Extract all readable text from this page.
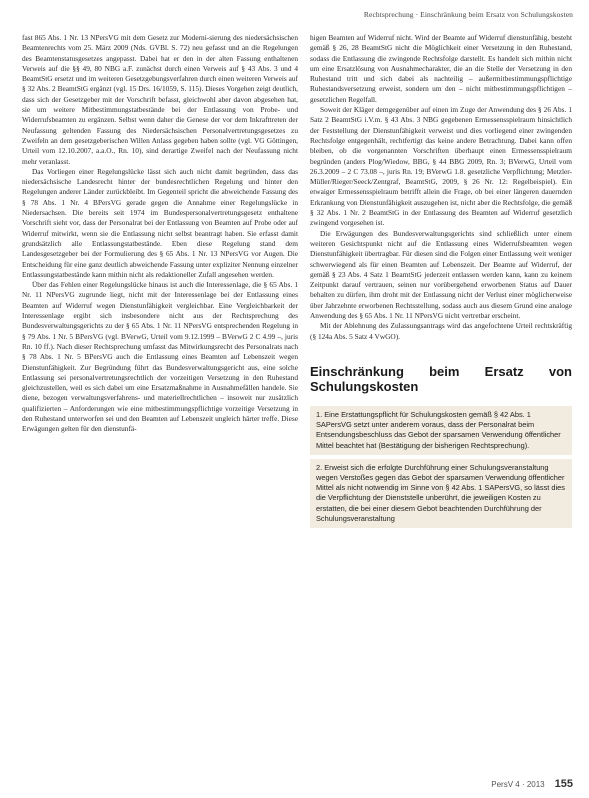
Rechtsprechung · Einschränkung beim Ersatz von Schulungskosten

fast 865 Abs. 1 Nr. 13 NPersVG mit dem Gesetz zur Moderni-sierung des niedersächsischen Beamtenrechts vom 25. März 2009 (Nds. GVBl. S. 72) neu gefasst und an die Regelungen des Beamtenstatusgesetzes angepasst. Dabei hat er den in der alten Fassung enthaltenen Verweis auf die §§ 49, 80 NBG a.F. zunächst durch einen Verweis auf § 43 Abs. 3 und 4 BeamtStG ersetzt und im weiteren Gesetzgebungsverfahren durch einen weiteren Verweis auf § 32 Abs. 2 BeamtStG ergänzt (vgl. 15 Drs. 16/1059, S. 115). Dieses Vorgehen zeigt deutlich, dass sich der Gesetzgeber mit der Vorschrift befasst, gleichwohl aber davon abgesehen hat, sie um weitere Mitbestimmungstatbestände bei der Entlassung von Probe- und Widerrufsbeamten zu ergänzen. Selbst wenn daher die Genese der vor dem Inkrafttreten der Neufassung geltenden Fassung des Niedersächsischen Personalvertretungsgesetzes zu Zweifeln an dem gesetzgeberischen Willen Anlass gegeben haben sollte (vgl. VG Göttingen, Urteil vom 12.10.2007, a.a.O., Rn. 10), sind derartige Zweifel nach der Neufassung nicht mehr veranlasst.

Das Vorliegen einer Regelungslücke lässt sich auch nicht damit begründen, dass das niedersächsische Landesrecht hinter der bundesrechtlichen Regelung und hinter den Regelungen anderer Länder zurückbleibt. Im Gegenteil spricht die abweichende Fassung des § 78 Abs. 1 Nr. 4 BPersVG gerade gegen die Annahme einer Regelungslücke in Niedersachsen. Die bereits seit 1974 im Bundespersonalvertretungsgesetz enthaltene Vorschrift sieht vor, dass der Personalrat bei der Entlassung von Beamten auf Probe oder auf Widerruf mitwirkt, wenn sie die Entlassung nicht selbst beantragt haben. Sie erfasst damit grundsätzlich alle Entlassungstatbestände. Eben diese Regelung stand dem Landesgesetzgeber bei der Formulierung des § 65 Abs. 1 Nr. 13 NPersVG vor Augen. Die Entscheidung für eine ganz deutlich abweichende Fassung unter expliziter Nennung einzelner Entlassungstatbestände kann mithin nicht als redaktioneller Zufall angesehen werden.

Über das Fehlen einer Regelungslücke hinaus ist auch die Interessenlage, die § 65 Abs. 1 Nr. 11 NPersVG zugrunde liegt, nicht mit der Interessenlage bei der Entlassung eines Beamten auf Widerruf wegen Dienstunfähigkeit vergleichbar. Eine Vergleichbarkeit der Interessenlage ergibt sich insbesondere nicht aus der Rechtsprechung des Bundesverwaltungsgerichts zu der § 65 Abs. 1 Nr. 11 NPersVG entsprechenden Regelung in § 79 Abs. 1 Nr. 5 BPersVG (vgl. BVerwG, Urteil vom 9.12.1999 – BVerwG 2 C 4.99 –, juris Rn. 10 ff.). Nach dieser Rechtsprechung umfasst das Mitwirkungsrecht des Personalrats nach § 78 Abs. 1 Nr. 5 BPersVG auch die Entlassung eines Beamten auf Lebenszeit wegen Dienstunfähigkeit. Zur Begründung führt das Bundesverwaltungsgericht aus, eine solche Entlassung sei personalvertretungsrechtlich der vorzeitigen Versetzung in den Ruhestand gleichzustellen, weil es sich dabei um eine Ersatzmaßnahme in Ausnahmefällen handele. Sie diene, bezogen verwaltungsverfahrens- und materiellrechtlichen – insoweit nur zusätzlich qualifizierten – Anforderungen wie eine mitbestimmungspflichtige vorzeitige Versetzung in den Ruhestand unterworfen sei und den Beamten auf Lebenszeit ungleich härter treffe. Diese Erwägungen gelten für den dienstunfä-

higen Beamten auf Widerruf nicht. Wird der Beamte auf Widerruf dienstunfähig, besteht gemäß § 26, 28 BeamtStG nicht die Möglichkeit einer Versetzung in den Ruhestand, sodass die Entlassung die zwingende Rechtsfolge darstellt. Es handelt sich mithin nicht um eine Ersatzlösung von Ausnahmecharakter, die an die Stelle der Versetzung in den Ruhestand tritt und sich dabei als nachteilig – außermitbestimmungspflichtige Ruhestandsversetzung erweist, sondern um den – nicht mitbestimmungspflichtigen – gesetzlichen Regelfall.

Soweit der Kläger demgegenüber auf einen im Zuge der Anwendung des § 26 Abs. 1 Satz 2 BeamtStG i.V.m. § 43 Abs. 3 NBG gegebenen Ermessensspielraum hinsichtlich der Feststellung der Dienstunfähigkeit verweist und dies vorliegend einer zwingenden Rechtsfolge entgegenhält, rechtfertigt das keine andere Betrachtung. Dabei kann offen bleiben, ob die vorgenannten Vorschriften überhaupt einen Ermessensspielraum begründen (anders Plog/Wiedow, BBG, § 44 BBG 2009, Rn. 3; BVerwG, Urteil vom 26.3.2009 – 2 C 73.08 –, juris Rn. 19; BVerwG 1.8. gesetzliche Verpflichtung; Metzler-Müller/Rieger/Seeck/Zentgraf, BeamtStG, 2009, § 26 Nr. 12: Regelbeispiel). Ein etwaiger Ermessensspielraum betrifft allein die Frage, ob bei einer längeren dauernden Erkrankung von Dienstunfähigkeit auszugehen ist, nicht aber die Rechtsfolge, die gemäß § 32 Abs. 1 Nr. 2 BeamtStG in der Entlassung des Beamten auf Widerruf gesetzlich zwingend vorgesehen ist.

Die Erwägungen des Bundesverwaltungsgerichts sind schließlich unter einem weiteren Gesichtspunkt nicht auf die Entlassung eines Widerrufsbeamten wegen Dienstunfähigkeit übertragbar. Für diesen sind die Folgen einer Entlassung weit weniger schwerwiegend als für einen Beamten auf Lebenszeit. Der Beamte auf Widerruf, der gemäß § 23 Abs. 4 Satz 1 BeamtStG jederzeit entlassen werden kann, kann zu keinem Zeitpunkt darauf vertrauen, seinen nur vorübergehend erworbenen Status auf Dauer behalten zu dürfen, ihm droht mit der Entlassung nicht der Verlust einer möglicherweise über Jahrzehnte erworbenen Rechtsstellung, sodass auch aus diesem Grund eine analoge Anwendung des § 65 Abs. 1 Nr. 11 NPersVG nicht vertretbar erscheint.

Mit der Ablehnung des Zulassungsantrags wird das angefochtene Urteil rechtskräftig (§ 124a Abs. 5 Satz 4 VwGO).

Einschränkung beim Ersatz von Schulungskosten
1. Eine Erstattungspflicht für Schulungskosten gemäß § 42 Abs. 1 SAPersVG setzt unter anderem voraus, dass der Personalrat beim Entsendungsbeschluss das Gebot der sparsamen Verwendung öffentlicher Mittel beachtet hat (Bestätigung der bisherigen Rechtsprechung).
2. Erweist sich die erfolgte Durchführung einer Schulungsveranstaltung wegen Verstoßes gegen das Gebot der sparsamen Verwendung öffentlicher Mittel als nicht notwendig im Sinne von § 42 Abs. 1 SAPersVG, so lässt dies die Verpflichtung der Dienststelle unberührt, die jeweiligen Kosten zu erstatten, die bei einer diesem Gebot beachtenden Durchführung der Schulungsveranstaltung
PersV 4 · 2013 155
